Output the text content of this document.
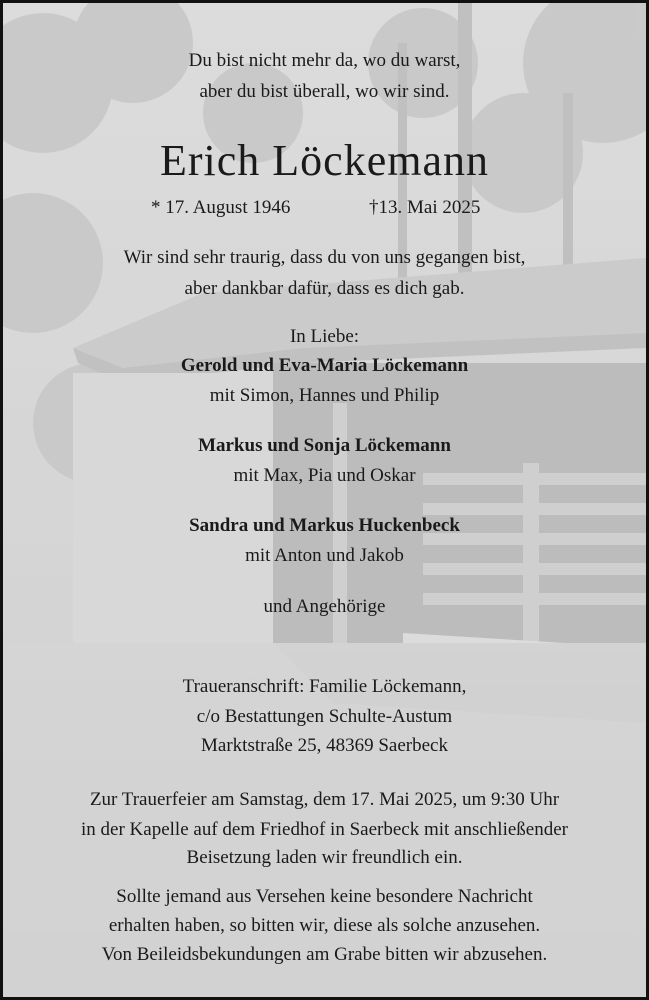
Du bist nicht mehr da, wo du warst,
aber du bist überall, wo wir sind.
Erich Löckemann
* 17. August 1946	†13. Mai 2025
Wir sind sehr traurig, dass du von uns gegangen bist,
aber dankbar dafür, dass es dich gab.
In Liebe:
Gerold und Eva-Maria Löckemann
mit Simon, Hannes und Philip
Markus und Sonja Löckemann
mit Max, Pia und Oskar
Sandra und Markus Huckenbeck
mit Anton und Jakob
und Angehörige
Traueranschrift: Familie Löckemann,
c/o Bestattungen Schulte-Austum
Marktstraße 25, 48369 Saerbeck
Zur Trauerfeier am Samstag, dem 17. Mai 2025, um 9:30 Uhr
in der Kapelle auf dem Friedhof in Saerbeck mit anschließender
Beisetzung laden wir freundlich ein.
Sollte jemand aus Versehen keine besondere Nachricht
erhalten haben, so bitten wir, diese als solche anzusehen.
Von Beileidsbekundungen am Grabe bitten wir abzusehen.
